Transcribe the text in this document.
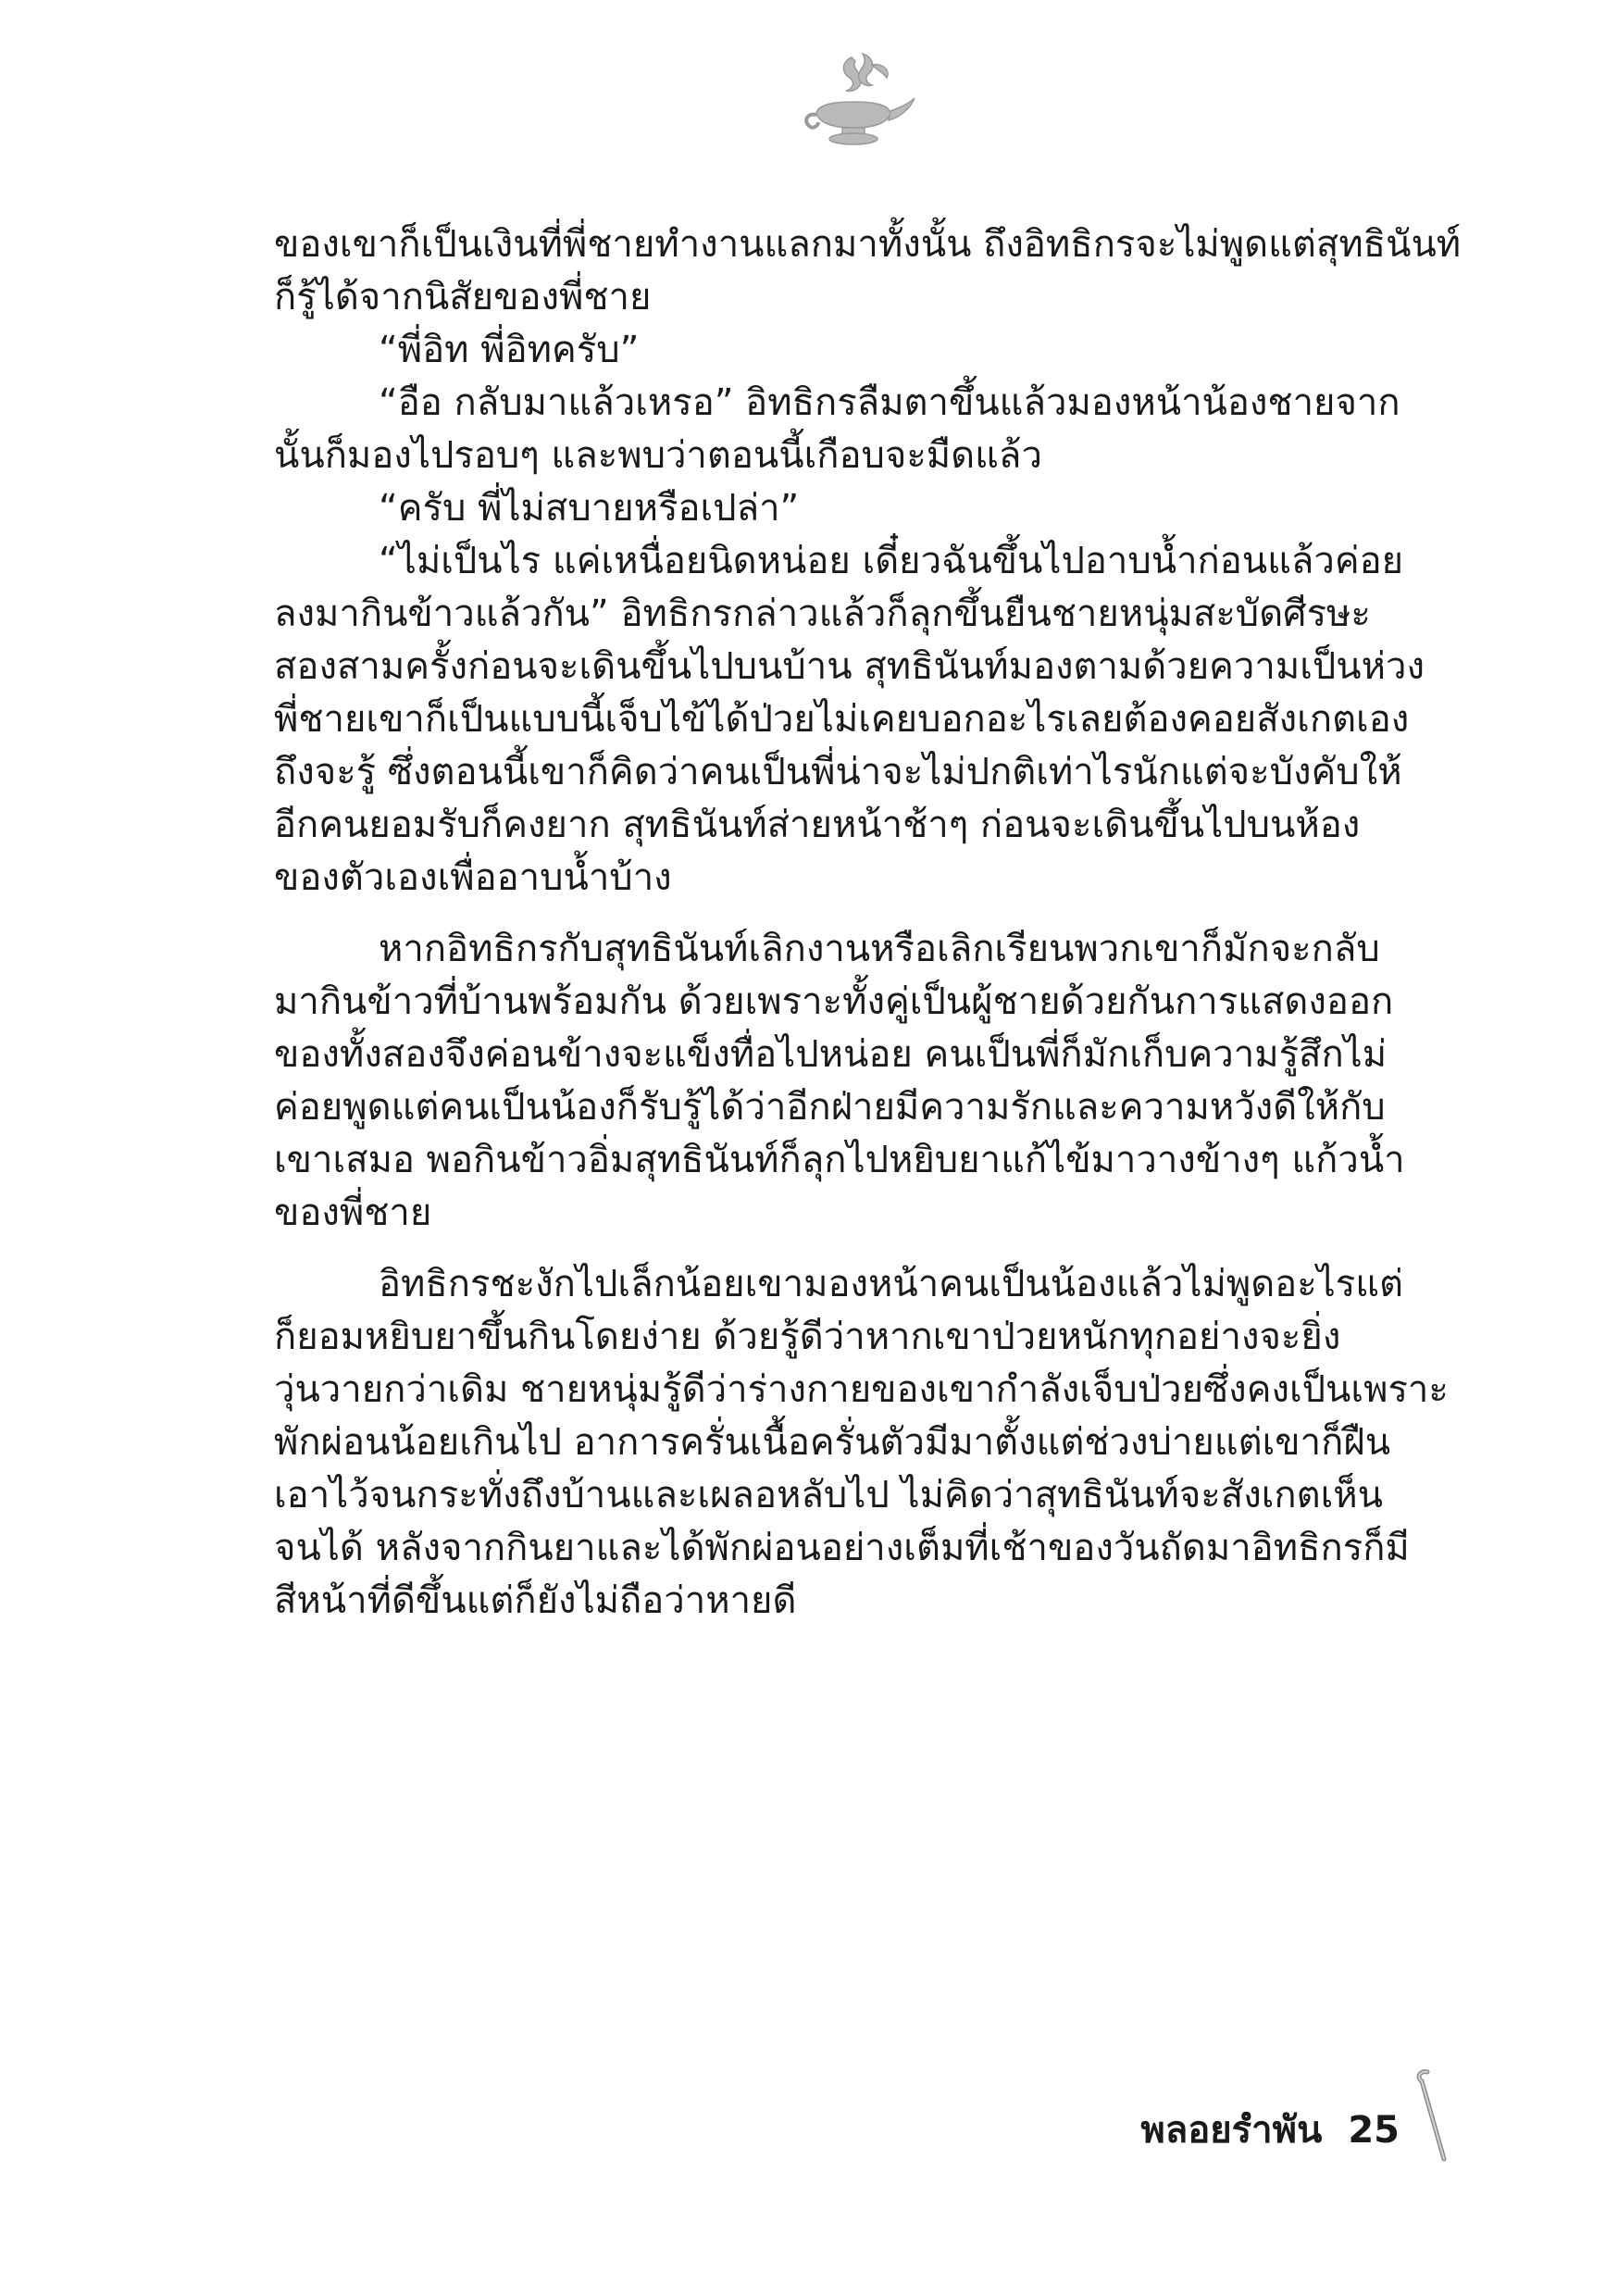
ของเขาก็เป็นเงินที่พี่ชายทำงานแลกมาทั้งนั้น ถึงอิทธิกรจะไม่พูดแต่สุทธินันท์
ก็รู้ได้จากนิสัยของพี่ชาย
“พี่อิท พี่อิทครับ”
“อือ กลับมาแล้วเหรอ” อิทธิกรลืมตาขึ้นแล้วมองหน้าน้องชายจาก
นั้นก็มองไปรอบๆ และพบว่าตอนนี้เกือบจะมืดแล้ว
“ครับ พี่ไม่สบายหรือเปล่า”
“ไม่เป็นไร แค่เหนื่อยนิดหน่อย เดี๋ยวฉันขึ้นไปอาบน้ำก่อนแล้วค่อย
ลงมากินข้าวแล้วกัน” อิทธิกรกล่าวแล้วก็ลุกขึ้นยืนชายหนุ่มสะบัดศีรษะ
สองสามครั้งก่อนจะเดินขึ้นไปบนบ้าน สุทธินันท์มองตามด้วยความเป็นห่วง
พี่ชายเขาก็เป็นแบบนี้เจ็บไข้ได้ป่วยไม่เคยบอกอะไรเลยต้องคอยสังเกตเอง
ถึงจะรู้ ซึ่งตอนนี้เขาก็คิดว่าคนเป็นพี่น่าจะไม่ปกติเท่าไรนักแต่จะบังคับให้
อีกคนยอมรับก็คงยาก สุทธินันท์ส่ายหน้าช้าๆ ก่อนจะเดินขึ้นไปบนห้อง
ของตัวเองเพื่ออาบน้ำบ้าง
หากอิทธิกรกับสุทธินันท์เลิกงานหรือเลิกเรียนพวกเขาก็มักจะกลับ
มากินข้าวที่บ้านพร้อมกัน ด้วยเพราะทั้งคู่เป็นผู้ชายด้วยกันการแสดงออก
ของทั้งสองจึงค่อนข้างจะแข็งทื่อไปหน่อย คนเป็นพี่ก็มักเก็บความรู้สึกไม่
ค่อยพูดแต่คนเป็นน้องก็รับรู้ได้ว่าอีกฝ่ายมีความรักและความหวังดีให้กับ
เขาเสมอ พอกินข้าวอิ่มสุทธินันท์ก็ลุกไปหยิบยาแก้ไข้มาวางข้างๆ แก้วน้ำ
ของพี่ชาย
อิทธิกรชะงักไปเล็กน้อยเขามองหน้าคนเป็นน้องแล้วไม่พูดอะไรแต่
ก็ยอมหยิบยาขึ้นกินโดยง่าย ด้วยรู้ดีว่าหากเขาป่วยหนักทุกอย่างจะยิ่ง
วุ่นวายกว่าเดิม ชายหนุ่มรู้ดีว่าร่างกายของเขากำลังเจ็บป่วยซึ่งคงเป็นเพราะ
พักผ่อนน้อยเกินไป อาการครั่นเนื้อครั่นตัวมีมาตั้งแต่ช่วงบ่ายแต่เขาก็ฝืน
เอาไว้จนกระทั่งถึงบ้านและเผลอหลับไป ไม่คิดว่าสุทธินันท์จะสังเกตเห็น
จนได้ หลังจากกินยาและได้พักผ่อนอย่างเต็มที่เช้าของวันถัดมาอิทธิกรก็มี
สีหน้าที่ดีขึ้นแต่ก็ยังไม่ถือว่าหายดี
พลอยรำพัน 25
